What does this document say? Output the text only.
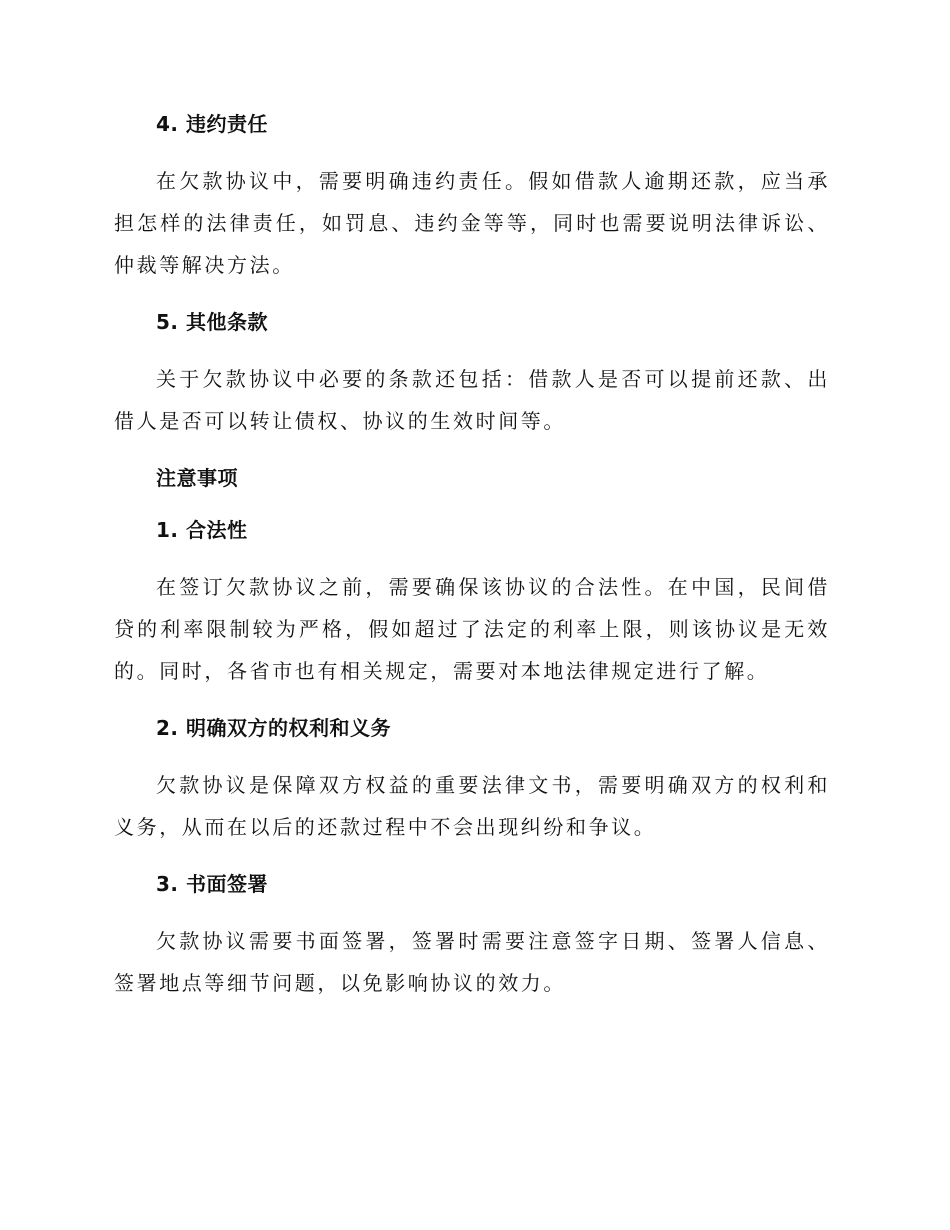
4. 违约责任

在欠款协议中，需要明确违约责任。假如借款人逾期还款，应当承担怎样的法律责任，如罚息、违约金等等，同时也需要说明法律诉讼、仲裁等解决方法。

5. 其他条款

关于欠款协议中必要的条款还包括：借款人是否可以提前还款、出借人是否可以转让债权、协议的生效时间等。

注意事项
1. 合法性

在签订欠款协议之前，需要确保该协议的合法性。在中国，民间借贷的利率限制较为严格，假如超过了法定的利率上限，则该协议是无效的。同时，各省市也有相关规定，需要对本地法律规定进行了解。

2. 明确双方的权利和义务

欠款协议是保障双方权益的重要法律文书，需要明确双方的权利和义务，从而在以后的还款过程中不会出现纠纷和争议。

3. 书面签署

欠款协议需要书面签署，签署时需要注意签字日期、签署人信息、签署地点等细节问题，以免影响协议的效力。
